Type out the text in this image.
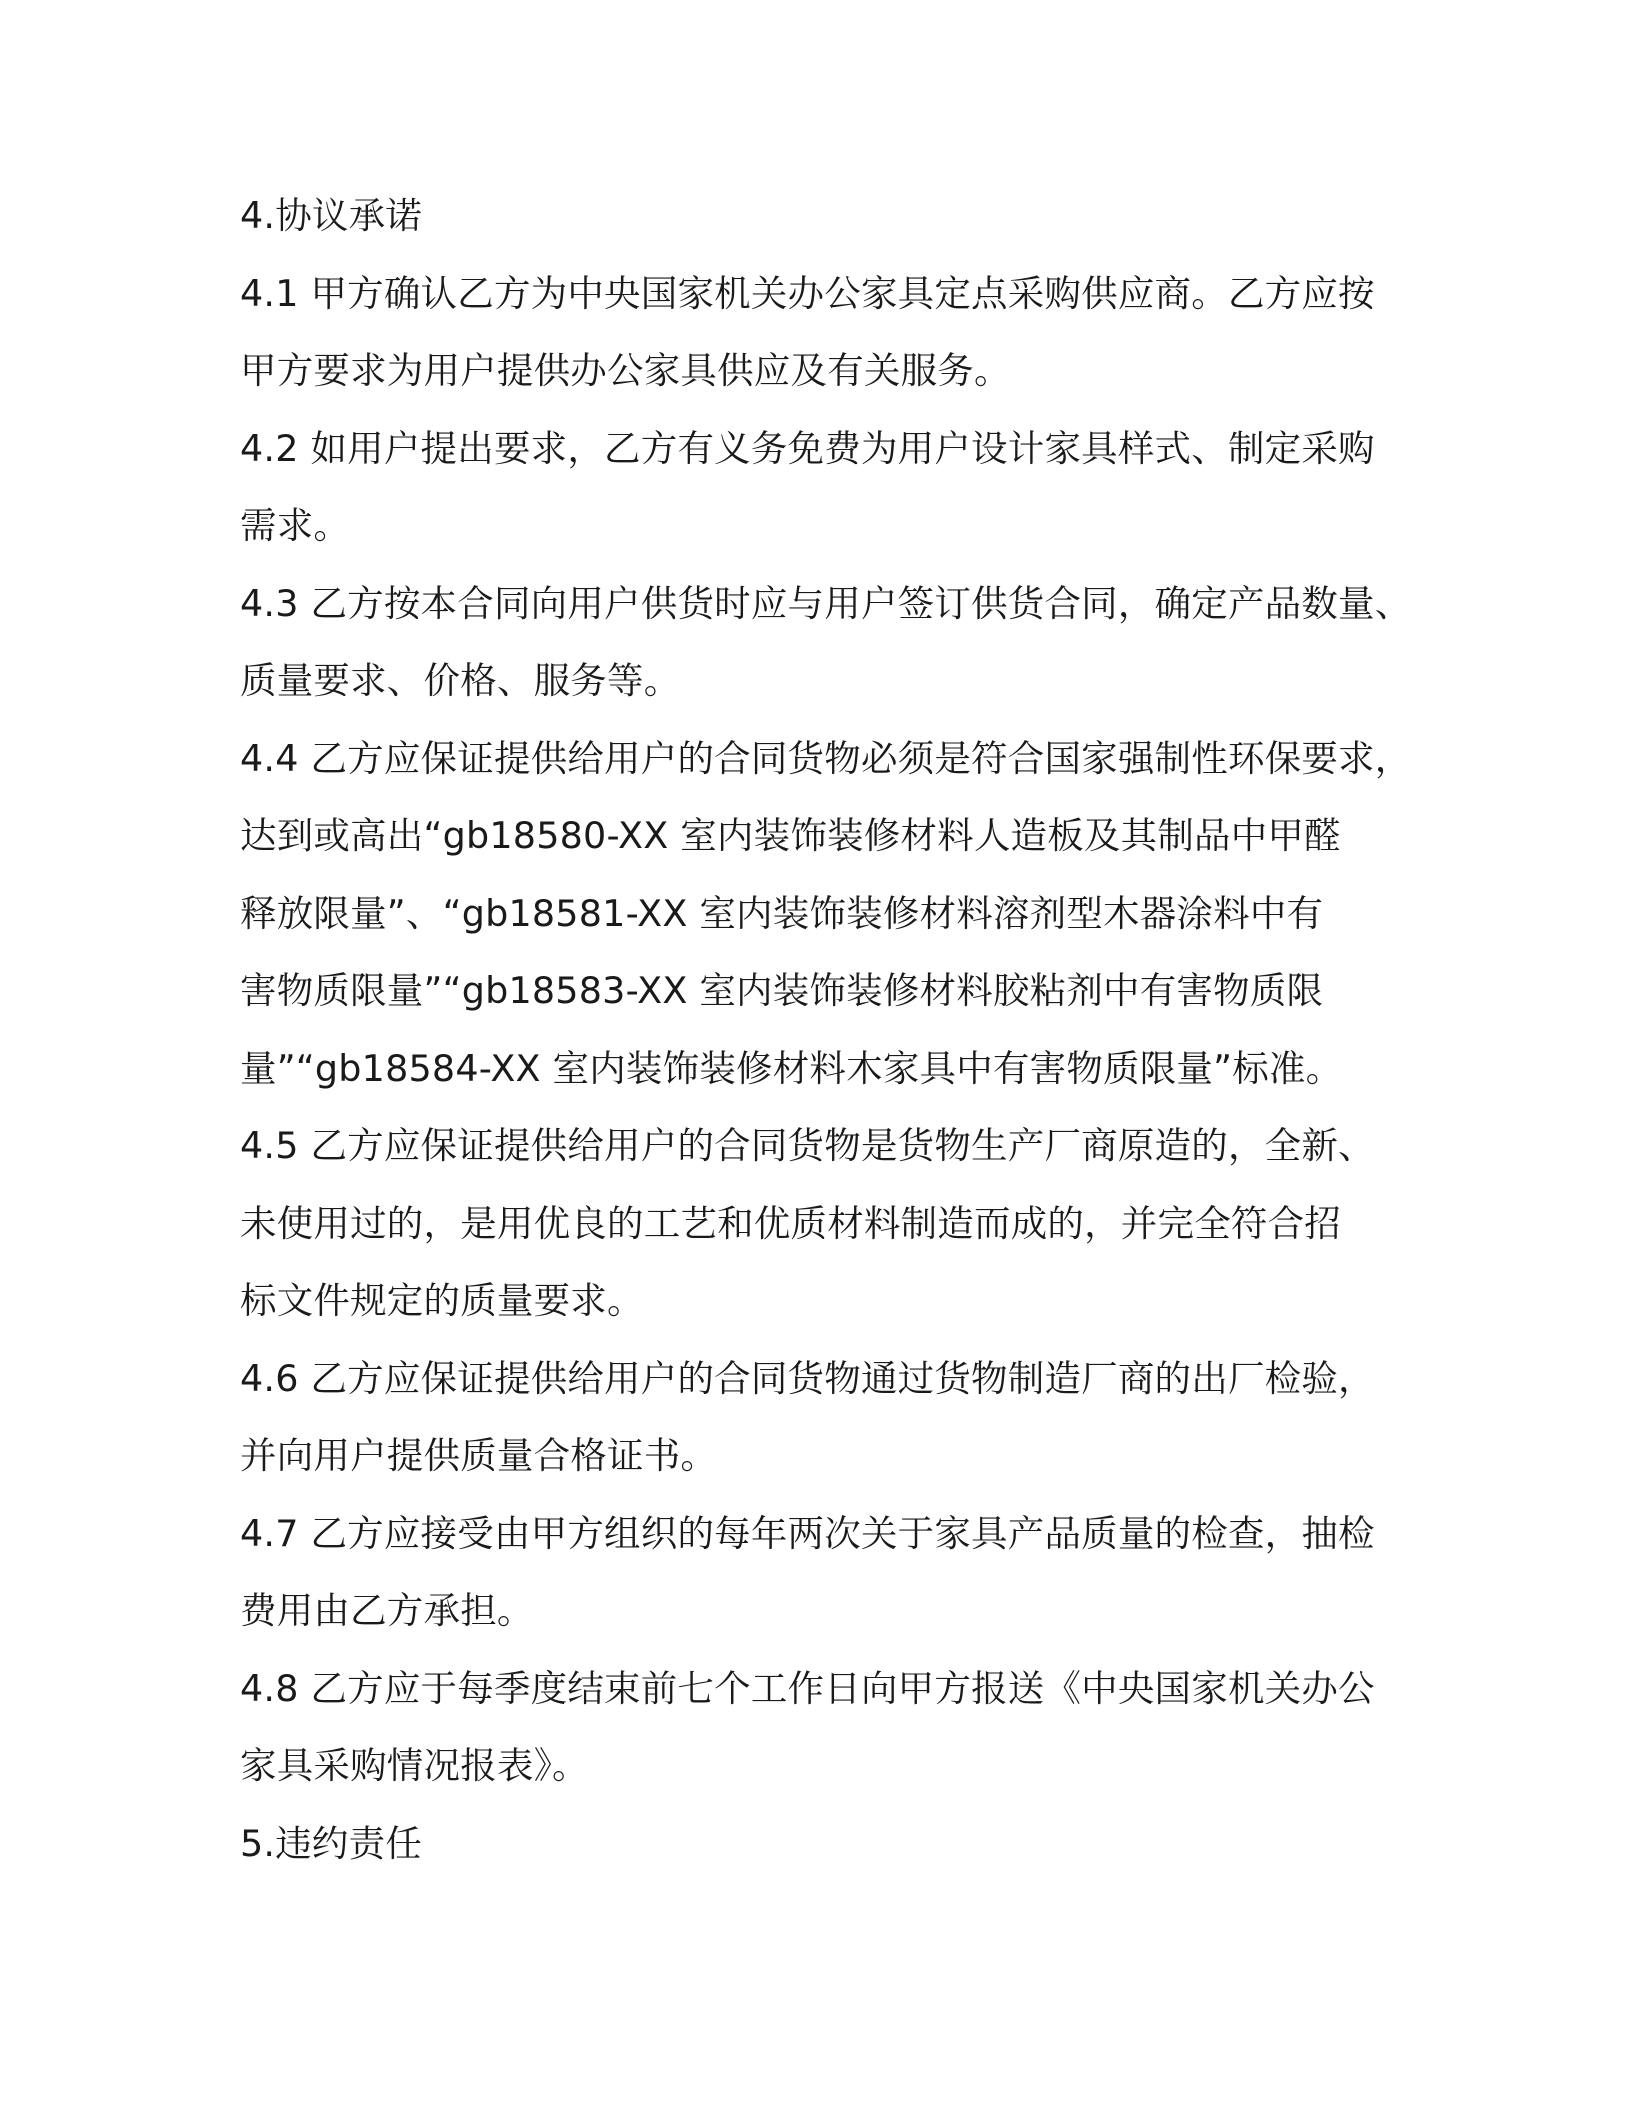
4.协议承诺
4.1 甲方确认乙方为中央国家机关办公家具定点采购供应商。乙方应按
甲方要求为用户提供办公家具供应及有关服务。
4.2 如用户提出要求，乙方有义务免费为用户设计家具样式、制定采购
需求。
4.3 乙方按本合同向用户供货时应与用户签订供货合同，确定产品数量、
质量要求、价格、服务等。
4.4 乙方应保证提供给用户的合同货物必须是符合国家强制性环保要求，
达到或高出“gb18580-XX 室内装饰装修材料人造板及其制品中甲醛
释放限量”、“gb18581-XX 室内装饰装修材料溶剂型木器涂料中有
害物质限量”“gb18583-XX 室内装饰装修材料胶粘剂中有害物质限
量”“gb18584-XX 室内装饰装修材料木家具中有害物质限量”标准。
4.5 乙方应保证提供给用户的合同货物是货物生产厂商原造的，全新、
未使用过的，是用优良的工艺和优质材料制造而成的，并完全符合招
标文件规定的质量要求。
4.6 乙方应保证提供给用户的合同货物通过货物制造厂商的出厂检验，
并向用户提供质量合格证书。
4.7 乙方应接受由甲方组织的每年两次关于家具产品质量的检查，抽检
费用由乙方承担。
4.8 乙方应于每季度结束前七个工作日向甲方报送《中央国家机关办公
家具采购情况报表》。
5.违约责任
